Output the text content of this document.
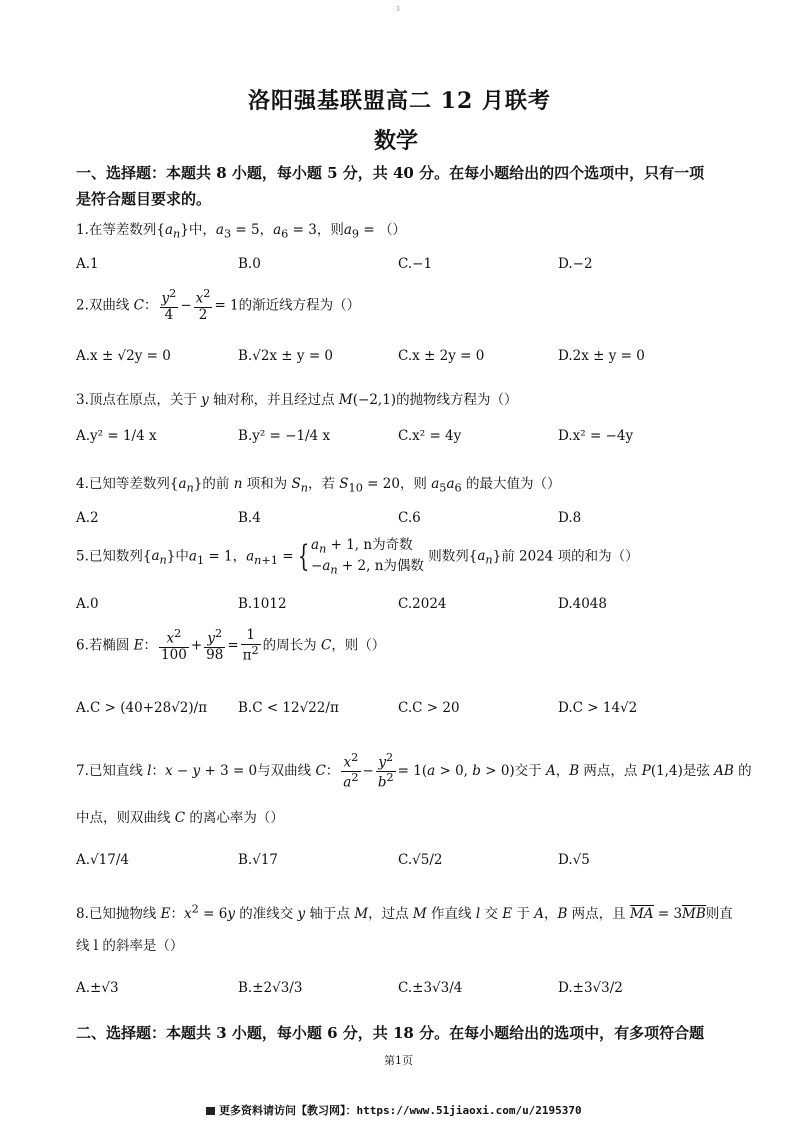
3
洛阳强基联盟高二 12 月联考
数学
一、选择题：本题共 8 小题，每小题 5 分，共 40 分。在每小题给出的四个选项中，只有一项
是符合题目要求的。
1.在等差数列$\{a_n\}$中，$a_3 = 5$，$a_6 = 3$，则$a_9$ = （）
A.1	B.0	C.−1	D.−2
2.双曲线 C： $\frac{y^2}{4} - \frac{x^2}{2} = 1$的渐近线方程为（）
A.x ± √2y = 0	B.√2x ± y = 0	C.x ± 2y = 0	D.2x ± y = 0
3.顶点在原点，关于 y 轴对称，并且经过点 M(−2,1)的抛物线方程为（）
A.y² = 1/4 x	B.y² = −1/4 x	C.x² = 4y	D.x² = −4y
4.已知等差数列$\{a_n\}$的前 n 项和为 $S_n$，若 $S_{10} = 20$，则 $a_5a_6$ 的最大值为（）
A.2	B.4	C.6	D.8
5.已知数列$\{a_n\}$中$a_1 = 1$，$a_{n+1}$ = { $a_n + 1$, n为奇数
$-a_n + 2$, n为偶数 则数列$\{a_n\}$前 2024 项的和为（）
A.0	B.1012	C.2024	D.4048
6.若椭圆 E： $\frac{x^2}{100} + \frac{y^2}{98} = \frac{1}{\pi^2}$ 的周长为 C，则（）
A.C > (40+28√2)/π B.C < 12√22/π	C.C > 20	D.C > 14√2
7.已知直线 l：x − y + 3 = 0与双曲线 C： $\frac{x^2}{a^2} - \frac{y^2}{b^2} = 1(a > 0$, b > 0)交于 A，B 两点，点 P(1,4)是弦 AB 的
中点，则双曲线 C 的离心率为（）
A.√17/4	B.√17	C.√5/2	D.√5
8.已知抛物线 E：$x^2 = 6y$ 的准线交 y 轴于点 M，过点 M 作直线 l 交 E 于 A，B 两点，且 MA = 3MB则直
线 l 的斜率是（）
A.±√3	B.±2√3/3	C.±3√3/4	D.±3√3/2
二、选择题：本题共 3 小题，每小题 6 分，共 18 分。在每小题给出的选项中，有多项符合题
第1页
更多资料请访问【教习网】：https://www.51jiaoxi.com/u/2195370
